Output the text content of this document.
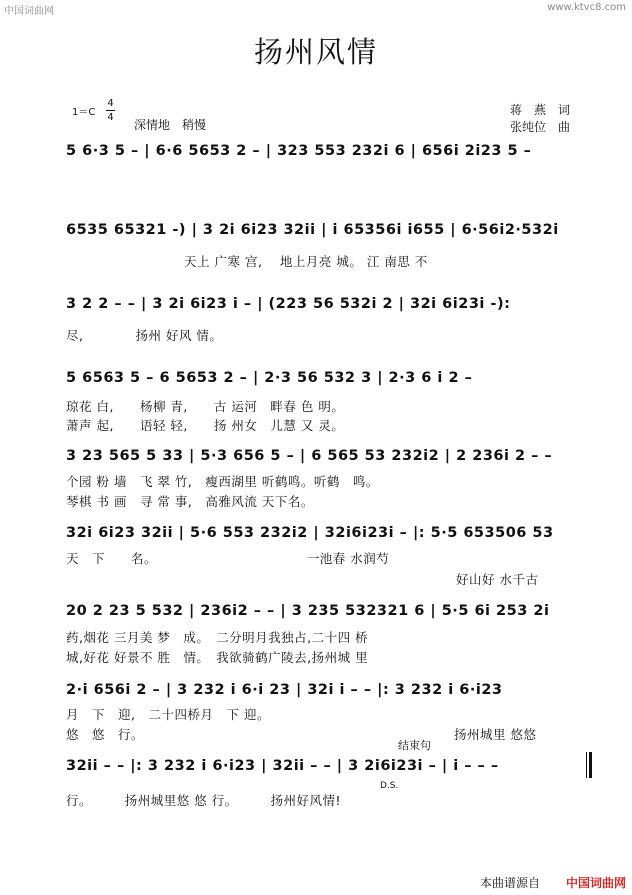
中国词曲网	www.ktvc8.com
扬州风情
1＝C
4
4
深情地　稍慢
蒋　燕　词
张纯位　曲
5 6·3 5 – | 6·6 5653 2 – | 323 553 232i 6 | 656i 2i23 5 –
6535 65321 ‑) | 3 2i 6i23 32ii | i 65356i i655 | 6·56i2·532i
天上 广寒 宫,　 地上月亮 城。 江 南思 不
3 2 2 – – | 3 2i 6i23 i – | (223 56 532i 2 | 32i 6i23i ‑):
尽,　　　　扬州 好风 情。
5 6563 5 – 6 5653 2 – | 2·3 56 532 3 | 2·3 6 i 2 –
琼花 白,　　杨柳 青,　　古 运河　畔春 色 明。
萧声 起,　　语轻 轻,　　扬 州女　儿慧 又 灵。
3 23 565 5 33 | 5·3 656 5 – | 6 565 53 232i2 | 2 236i 2 – –
个园 粉 墙　飞 翠 竹,　瘦西湖里 听鹤鸣。听鹤　鸣。
琴棋 书 画　寻 常 事,　高雅风流 天下名。
32i 6i23 32ii | 5·6 553 232i2 | 32i6i23i – |: 5·5 653506 53
天　下　　名。　　　　　　　　　　　　一池春 水润芍
好山好 水千古
20 2 23 5 532 | 236i2 – – | 3 235 532321 6 | 5·5 6i 253 2i
药,烟花 三月美 梦　成。　二分明月我独占,二十四 桥
城,好花 好景不 胜　情。　我欲骑鹤广陵去,扬州城 里
2·i 656i 2 – | 3 232 i 6·i 23 | 32i i – – |: 3 232 i 6·i23
月　下　迎,　二十四桥月　下 迎。
悠　悠　行。	扬州城里 悠悠
结束句
32ii – – |: 3 232 i 6·i23 | 32ii – – | 3 2i6i23i – | i – – –
D.S.
行。　　　扬州城里悠 悠 行。　　　扬州好风情!
本曲谱源自 中国词曲网
